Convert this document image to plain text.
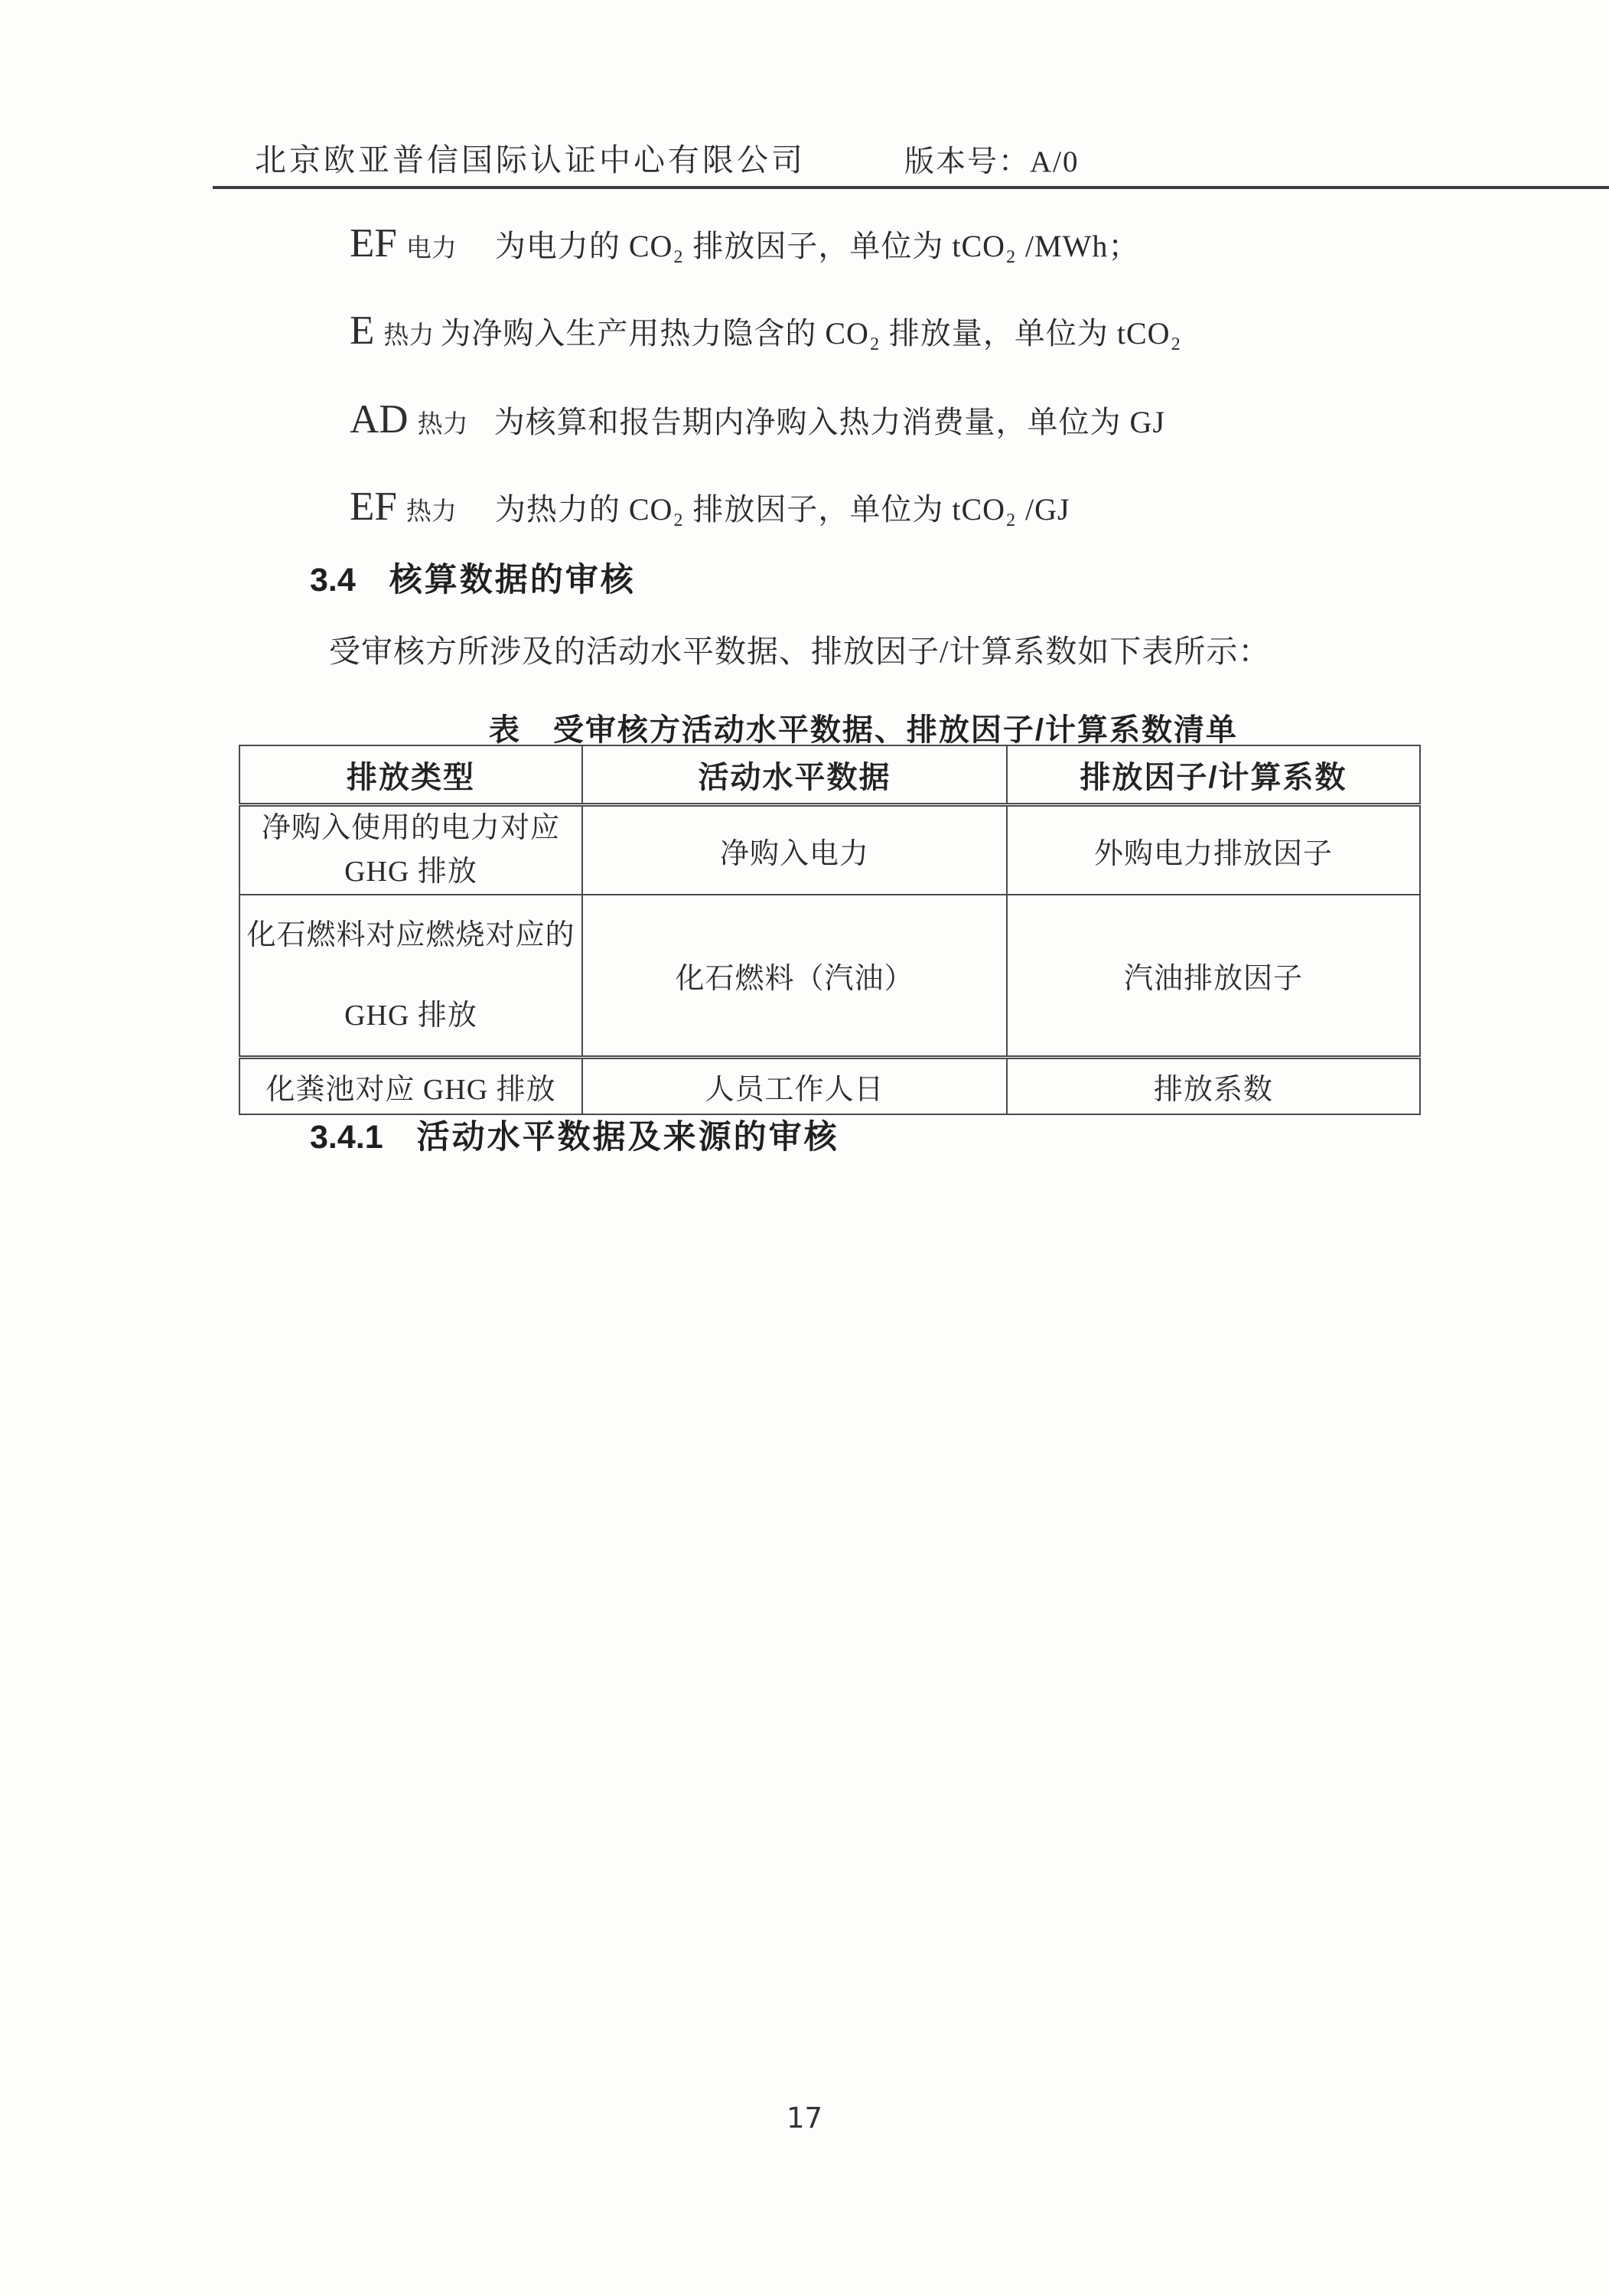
北京欧亚普信国际认证中心有限公司	版本号：A/0
EF 电力 为电力的 CO₂ 排放因子，单位为 tCO₂ /MWh；
E热力 为净购入生产用热力隐含的 CO₂ 排放量，单位为 tCO₂
AD 热力 为核算和报告期内净购入热力消费量，单位为 GJ
EF 热力 为热力的 CO₂ 排放因子，单位为 tCO₂ /GJ
3.4 核算数据的审核
受审核方所涉及的活动水平数据、排放因子/计算系数如下表所示：
表　受审核方活动水平数据、排放因子/计算系数清单
排放类型	活动水平数据	排放因子/计算系数
净购入使用的电力对应 GHG 排放	净购入电力	外购电力排放因子
化石燃料对应燃烧对应的 GHG 排放	化石燃料（汽油）	汽油排放因子
化粪池对应 GHG 排放	人员工作人日	排放系数
3.4.1 活动水平数据及来源的审核
17
